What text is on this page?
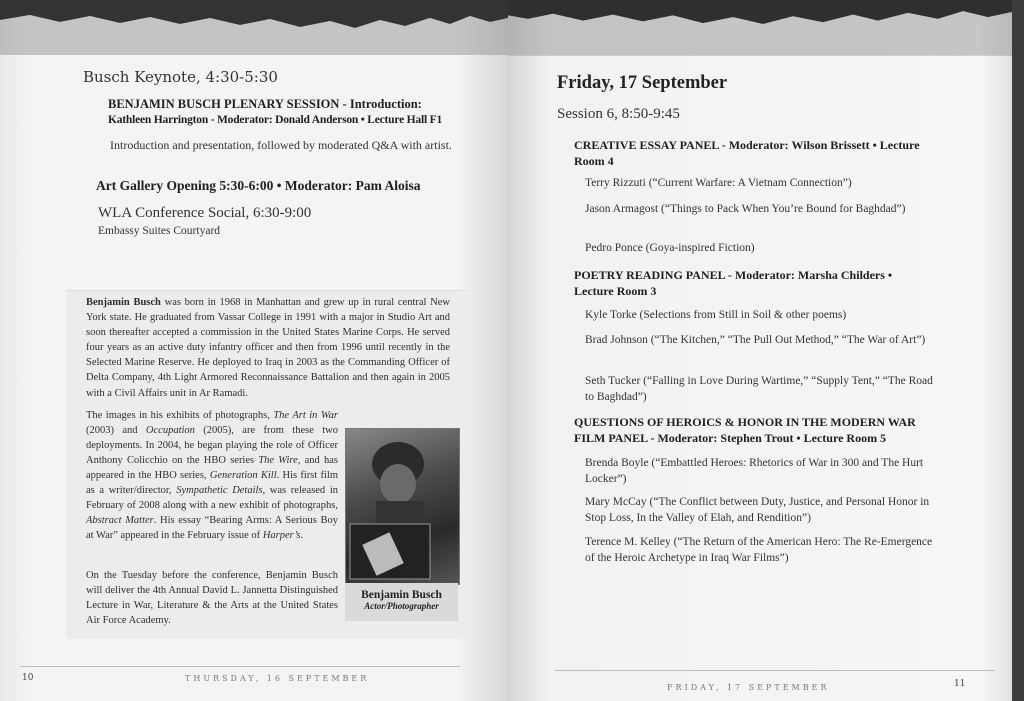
Busch Keynote, 4:30-5:30
BENJAMIN BUSCH PLENARY SESSION - Introduction:
Kathleen Harrington - Moderator: Donald Anderson • Lecture Hall F1
Introduction and presentation, followed by moderated Q&A with artist.
Art Gallery Opening 5:30-6:00 • Moderator: Pam Aloisa
WLA Conference Social, 6:30-9:00
Embassy Suites Courtyard
Benjamin Busch was born in 1968 in Manhattan and grew up in rural central New York state. He graduated from Vassar College in 1991 with a major in Studio Art and soon thereafter accepted a commission in the United States Marine Corps. He served four years as an active duty infantry officer and then from 1996 until recently in the Selected Marine Reserve. He deployed to Iraq in 2003 as the Commanding Officer of Delta Company, 4th Light Armored Reconnaissance Battalion and then again in 2005 with a Civil Affairs unit in Ar Ramadi.
The images in his exhibits of photographs, The Art in War (2003) and Occupation (2005), are from these two deployments. In 2004, he began playing the role of Officer Anthony Colicchio on the HBO series The Wire, and has appeared in the HBO series, Generation Kill. His first film as a writer/director, Sympathetic Details, was released in February of 2008 along with a new exhibit of photographs, Abstract Matter. His essay “Bearing Arms: A Serious Boy at War” appeared in the February issue of Harper’s.
On the Tuesday before the conference, Benjamin Busch will deliver the 4th Annual David L. Jannetta Distinguished Lecture in War, Literature & the Arts at the United States Air Force Academy.
Benjamin Busch
Actor/Photographer
10	THURSDAY, 16 SEPTEMBER
Friday, 17 September
Session 6, 8:50-9:45
CREATIVE ESSAY PANEL - Moderator: Wilson Brissett • Lecture Room 4
Terry Rizzuti (“Current Warfare: A Vietnam Connection”)
Jason Armagost (“Things to Pack When You’re Bound for Baghdad”)
Pedro Ponce (Goya-inspired Fiction)
POETRY READING PANEL - Moderator: Marsha Childers • Lecture Room 3
Kyle Torke (Selections from Still in Soil & other poems)
Brad Johnson (“The Kitchen,” “The Pull Out Method,” “The War of Art”)
Seth Tucker (“Falling in Love During Wartime,” “Supply Tent,” “The Road to Baghdad”)
QUESTIONS OF HEROICS & HONOR IN THE MODERN WAR FILM PANEL - Moderator: Stephen Trout • Lecture Room 5
Brenda Boyle (“Embattled Heroes: Rhetorics of War in 300 and The Hurt Locker”)
Mary McCay (“The Conflict between Duty, Justice, and Personal Honor in Stop Loss, In the Valley of Elah, and Rendition”)
Terence M. Kelley (“The Return of the American Hero: The Re-Emergence of the Heroic Archetype in Iraq War Films”)
FRIDAY, 17 SEPTEMBER	11
